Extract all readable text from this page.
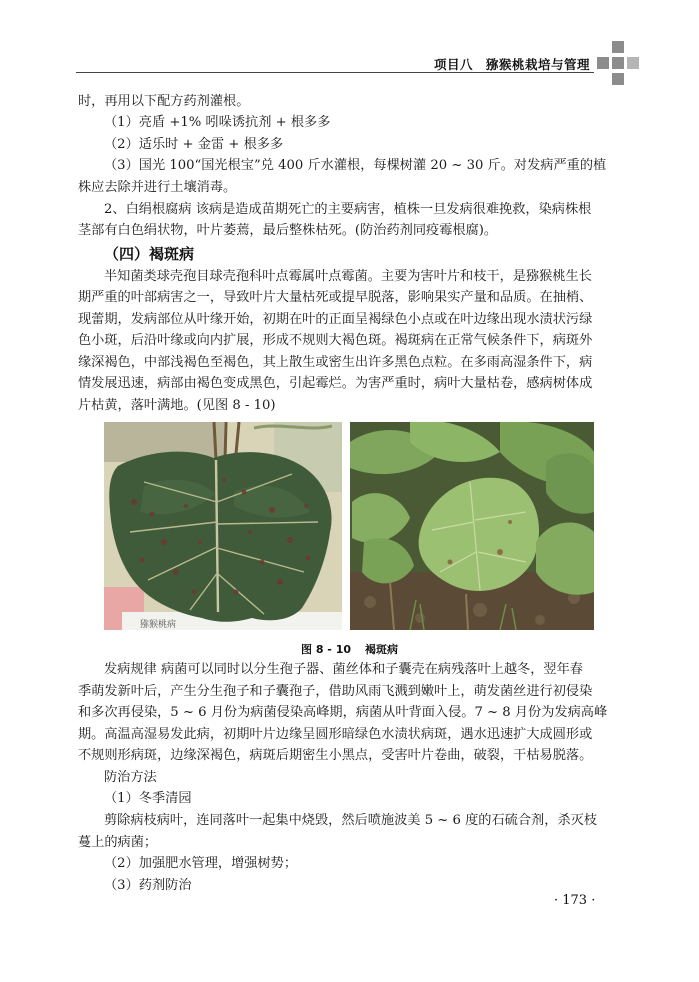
项目八　猕猴桃栽培与管理
时，再用以下配方药剂灌根。
（1）亮盾 +1% 吲哚诱抗剂 + 根多多
（2）适乐时 + 金雷 + 根多多
（3）国光 100“国光根宝”兑 400 斤水灌根，每棵树灌 20 ~ 30 斤。对发病严重的植
株应去除并进行土壤消毒。
2、白绢根腐病 该病是造成苗期死亡的主要病害，植株一旦发病很难挽救，染病株根
茎部有白色绢状物，叶片萎蔫，最后整株枯死。(防治药剂同疫霉根腐)。
（四）褐斑病
半知菌类球壳孢目球壳孢科叶点霉属叶点霉菌。主要为害叶片和枝干，是猕猴桃生长
期严重的叶部病害之一，导致叶片大量枯死或提早脱落，影响果实产量和品质。在抽梢、
现蕾期，发病部位从叶缘开始，初期在叶的正面呈褐绿色小点或在叶边缘出现水渍状污绿
色小斑，后沿叶缘或向内扩展，形成不规则大褐色斑。褐斑病在正常气候条件下，病斑外
缘深褐色，中部浅褐色至褐色，其上散生或密生出许多黑色点粒。在多雨高湿条件下，病
情发展迅速，病部由褐色变成黑色，引起霉烂。为害严重时，病叶大量枯卷，感病树体成
片枯黄，落叶满地。(见图 8 - 10)
猕猴桃病
图 8 - 10 褐斑病
发病规律 病菌可以同时以分生孢子器、菌丝体和子囊壳在病残落叶上越冬，翌年春
季萌发新叶后，产生分生孢子和子囊孢子，借助风雨飞溅到嫩叶上，萌发菌丝进行初侵染
和多次再侵染，5 ~ 6 月份为病菌侵染高峰期，病菌从叶背面入侵。7 ~ 8 月份为发病高峰
期。高温高湿易发此病，初期叶片边缘呈圆形暗绿色水渍状病斑，遇水迅速扩大成圆形或
不规则形病斑，边缘深褐色，病斑后期密生小黑点，受害叶片卷曲，破裂，干枯易脱落。
防治方法
（1）冬季清园
剪除病枝病叶，连同落叶一起集中烧毁，然后喷施波美 5 ~ 6 度的石硫合剂，杀灭枝
蔓上的病菌；
（2）加强肥水管理，增强树势；
（3）药剂防治
· 173 ·
